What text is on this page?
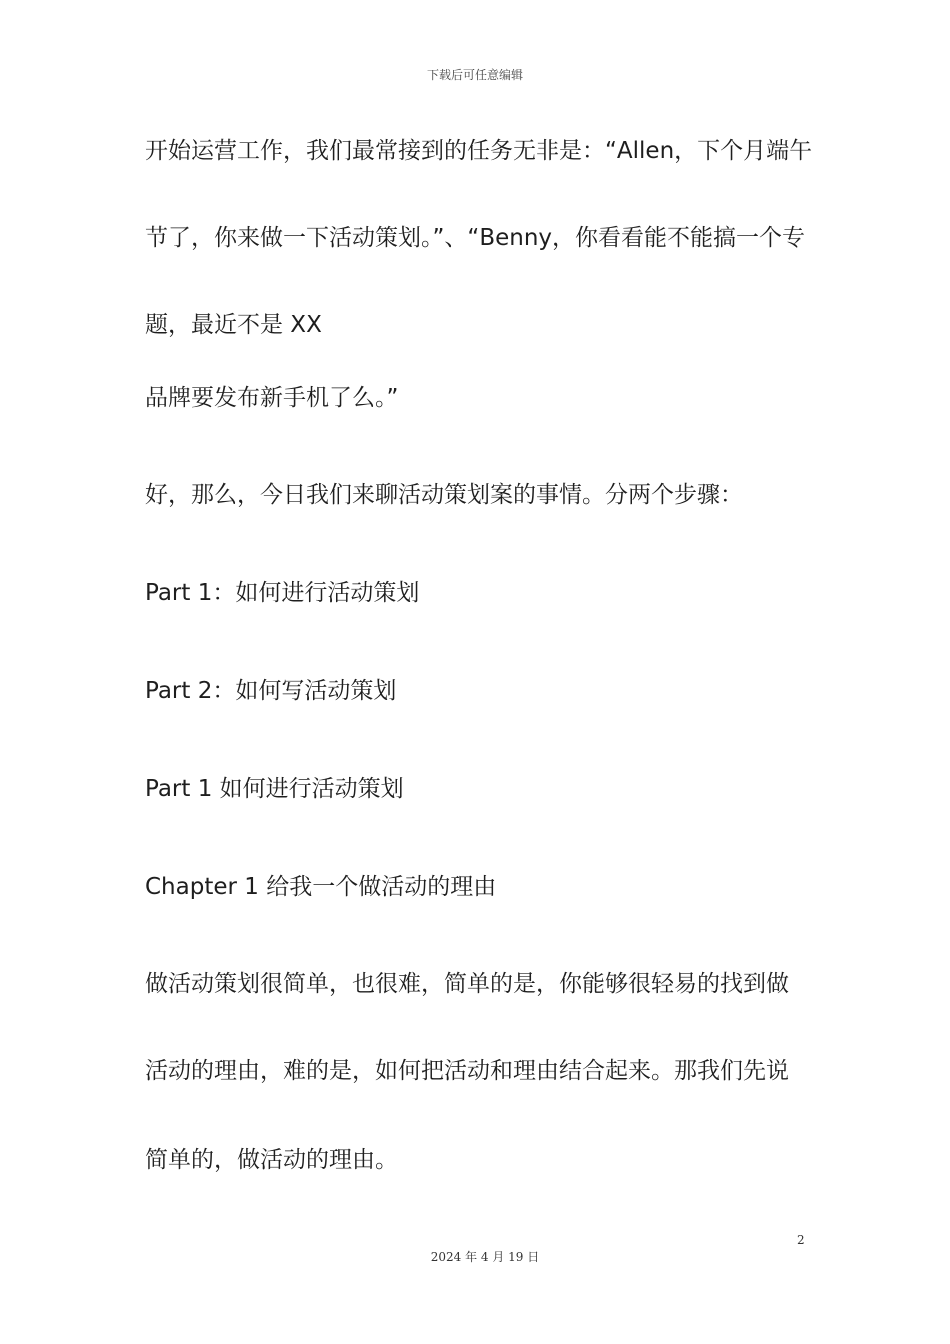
下载后可任意编辑
开始运营工作，我们最常接到的任务无非是：“Allen，下个月端午
节了，你来做一下活动策划。”、“Benny，你看看能不能搞一个专
题，最近不是 XX
品牌要发布新手机了么。”
好，那么，今日我们来聊活动策划案的事情。分两个步骤：
Part 1：如何进行活动策划
Part 2：如何写活动策划
Part 1 如何进行活动策划
Chapter 1 给我一个做活动的理由
做活动策划很简单，也很难，简单的是，你能够很轻易的找到做
活动的理由，难的是，如何把活动和理由结合起来。那我们先说
简单的，做活动的理由。
2
2024 年 4 月 19 日
